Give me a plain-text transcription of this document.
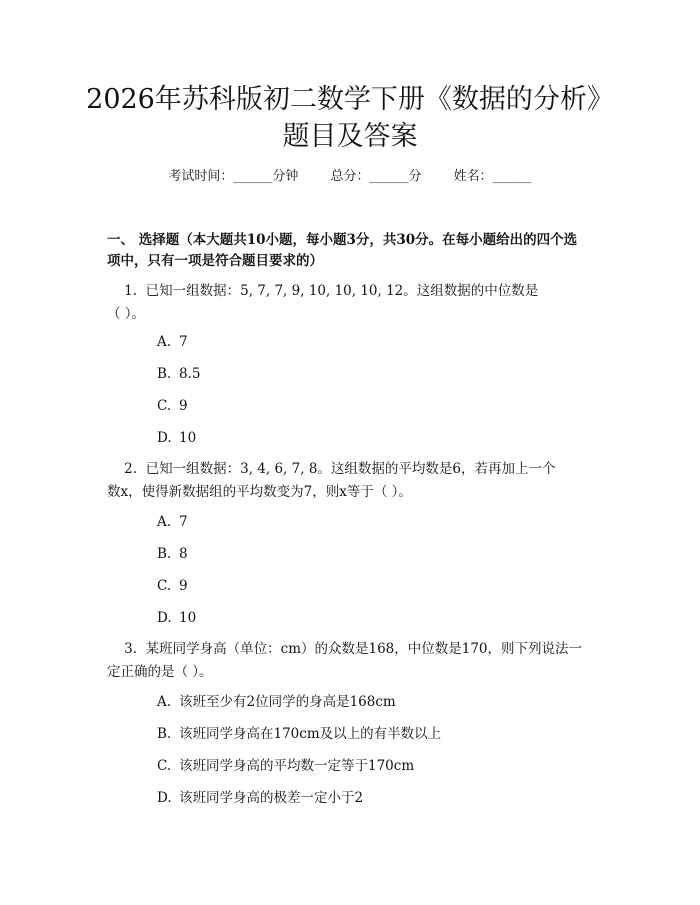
2026年苏科版初二数学下册《数据的分析》
题目及答案
考试时间：______分钟 总分：______分 姓名：______
一、 选择题（本大题共10小题，每小题3分，共30分。在每小题给出的四个选
项中，只有一项是符合题目要求的）
1.  已知一组数据：5, 7, 7, 9, 10, 10, 10, 12。这组数据的中位数是
（ ）。
A. 7
B. 8.5
C. 9
D. 10
2.  已知一组数据：3, 4, 6, 7, 8。这组数据的平均数是6，若再加上一个
数x，使得新数据组的平均数变为7，则x等于（ ）。
A. 7
B. 8
C. 9
D. 10
3.  某班同学身高（单位：cm）的众数是168，中位数是170，则下列说法一
定正确的是（ ）。
A. 该班至少有2位同学的身高是168cm
B. 该班同学身高在170cm及以上的有半数以上
C. 该班同学身高的平均数一定等于170cm
D. 该班同学身高的极差一定小于2
